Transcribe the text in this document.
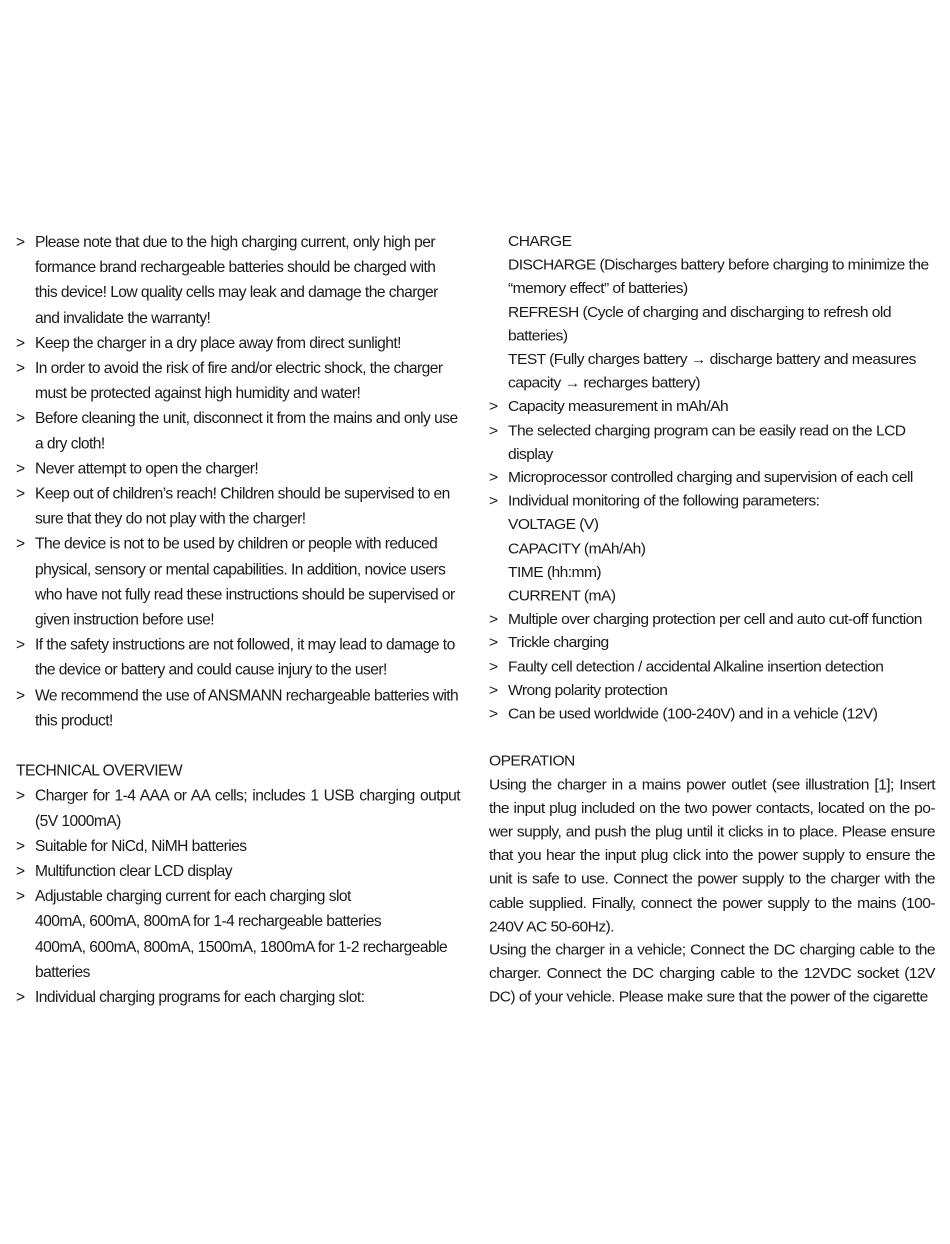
> Please note that due to the high charging current, only high per formance brand rechargeable batteries should be charged with this device! Low quality cells may leak and damage the charger and invalidate the warranty!

> Keep the charger in a dry place away from direct sunlight!

> In order to avoid the risk of fire and/or electric shock, the charger must be protected against high humidity and water!

> Before cleaning the unit, disconnect it from the mains and only use a dry cloth!

> Never attempt to open the charger!

> Keep out of children’s reach! Children should be supervised to en sure that they do not play with the charger!

> The device is not to be used by children or people with reduced physical, sensory or mental capabilities. In addition, novice users who have not fully read these instructions should be supervised or given instruction before use!

> If the safety instructions are not followed, it may lead to damage to the device or battery and could cause injury to the user!

> We recommend the use of ANSMANN rechargeable batteries with this product!

TECHNICAL OVERVIEW

> Charger for 1-4 AAA or AA cells; includes 1 USB charging output (5V 1000mA)

> Suitable for NiCd, NiMH batteries

> Multifunction clear LCD display

> Adjustable charging current for each charging slot

400mA, 600mA, 800mA for 1-4 rechargeable batteries

400mA, 600mA, 800mA, 1500mA, 1800mA for 1-2 rechargeable batteries

> Individual charging programs for each charging slot:

CHARGE

DISCHARGE (Discharges battery before charging to minimize the “memory effect” of batteries)

REFRESH (Cycle of charging and discharging to refresh old batteries)

TEST (Fully charges battery → discharge battery and measures capacity → recharges battery)

> Capacity measurement in mAh/Ah

> The selected charging program can be easily read on the LCD display

> Microprocessor controlled charging and supervision of each cell

> Individual monitoring of the following parameters:

VOLTAGE (V)

CAPACITY (mAh/Ah)

TIME (hh:mm)

CURRENT (mA)

> Multiple over charging protection per cell and auto cut-off function

> Trickle charging

> Faulty cell detection / accidental Alkaline insertion detection

> Wrong polarity protection

> Can be used worldwide (100-240V) and in a vehicle (12V)

OPERATION

Using the charger in a mains power outlet (see illustration [1]; Insert the input plug included on the two power contacts, located on the po- wer supply, and push the plug until it clicks in to place. Please ensure that you hear the input plug click into the power supply to ensure the unit is safe to use. Connect the power supply to the charger with the cable supplied. Finally, connect the power supply to the mains (100-240V AC 50-60Hz).

Using the charger in a vehicle; Connect the DC charging cable to the charger. Connect the DC charging cable to the 12VDC socket (12V DC) of your vehicle. Please make sure that the power of the cigarette
